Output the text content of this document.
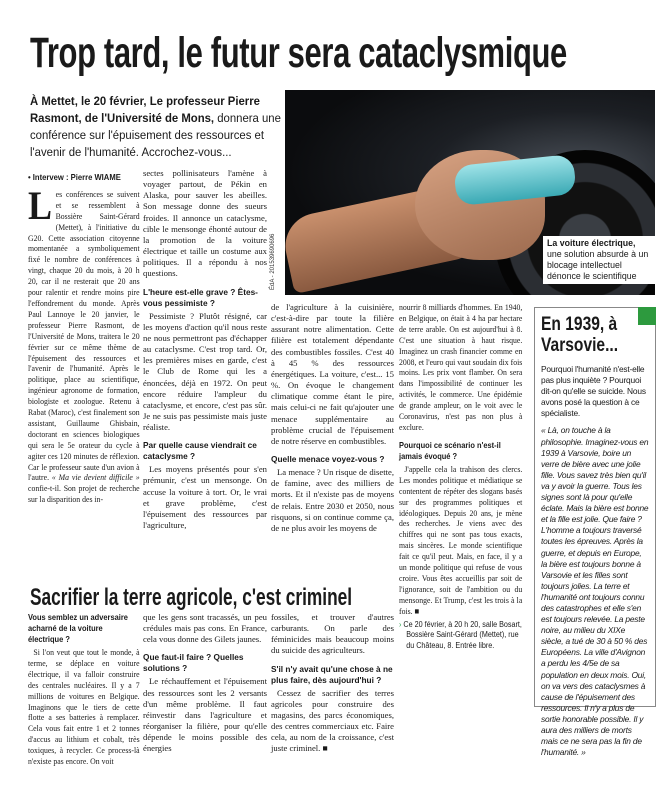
Trop tard, le futur sera cataclysmique
À Mettet, le 20 février, Le professeur Pierre Rasmont, de l'Université de Mons, donnera une conférence sur l'épuisement des ressources et l'avenir de l'humanité. Accrochez-vous...
La voiture électrique,
une solution absurde à un blocage intellectuel dénonce le scientifique
ÉdA - 201539690696
• Intervew : Pierre WIAME

Les conférences se suivent et se ressemblent à Bossière Saint-Gérard (Mettet), à l'initiative du G20. Cette association citoyenne momentanée a symboliquement fixé le nombre de conférences à vingt, chaque 20 du mois, à 20 h 20, car il ne resterait que 20 ans pour ralentir et rendre moins pire l'effondrement du monde. Après Paul Lannoye le 20 janvier, le professeur Pierre Rasmont, de l'Université de Mons, traitera le 20 février sur ce même thème de l'épuisement des ressources et l'avenir de l'humanité. Après le politique, place au scientifique, ingénieur agronome de formation, biologiste et zoologue. Retenu à Rabat (Maroc), c'est finalement son assistant, Guillaume Ghisbain, doctorant en sciences biologiques qui sera le 5e orateur du cycle à agiter ces 120 minutes de réflexion. Car le professeur saute d'un avion à l'autre. « Ma vie devient difficile » confie-t-il. Son projet de recherche sur la disparition des in-

sectes pollinisateurs l'amène à voyager partout, de Pékin en Alaska, pour sauver les abeilles. Son message donne des sueurs froides. Il annonce un cataclysme, cible le mensonge éhonté autour de la promotion de la voiture électrique et taille un costume aux politiques. Il a répondu à nos questions.

L'heure est-elle grave ? Êtes-vous pessimiste ?

Pessimiste ? Plutôt résigné, car les moyens d'action qu'il nous reste ne nous permettront pas d'échapper au cataclysme. C'est trop tard. Or, les premières mises en garde, c'est le Club de Rome qui les a énoncées, déjà en 1972. On peut encore réduire l'ampleur du cataclysme, et encore, c'est pas sûr. Je ne suis pas pessimiste mais juste réaliste.

Par quelle cause viendrait ce cataclysme ?

Les moyens présentés pour s'en prémunir, c'est un mensonge. On accuse la voiture à tort. Or, le vrai et grave problème, c'est l'épuisement des ressources par l'agriculture,

de l'agriculture à la cuisinière, c'est-à-dire par toute la filière assurant notre alimentation. Cette filière est totalement dépendante des combustibles fossiles. C'est 40 à 45 % des ressources énergétiques. La voiture, c'est... 15 %. On évoque le changement climatique comme étant le pire, mais celui-ci ne fait qu'ajouter une menace supplémentaire au problème crucial de l'épuisement de notre réserve en combustibles.

Quelle menace voyez-vous ?

La menace ? Un risque de disette, de famine, avec des milliers de morts. Et il n'existe pas de moyens de relais. Entre 2030 et 2050, nous risquons, si on continue comme ça, de ne plus avoir les moyens de

nourrir 8 milliards d'hommes. En 1940, en Belgique, on était à 4 ha par hectare de terre arable. On est aujourd'hui à 8. C'est une situation à haut risque. Imaginez un crash financier comme en 2008, et l'euro qui vaut soudain dix fois moins. Les prix vont flamber. On sera dans l'impossibilité de continuer les activités, le commerce. Une épidémie de grande ampleur, on le voit avec le Coronavirus, n'est pas non plus à exclure.

Pourquoi ce scénario n'est-il jamais évoqué ?

J'appelle cela la trahison des clercs. Les mondes politique et médiatique se contentent de répéter des slogans basés sur des programmes politiques et idéologiques. Depuis 20 ans, je mène des recherches. Je viens avec des chiffres qui ne sont pas tous exacts, mais sincères. Le monde scientifique fait ce qu'il peut. Mais, en face, il y a un monde politique qui refuse de vous croire. Vous êtes accueillis par soit de l'ignorance, soit de l'ambition ou du mensonge. Et Trump, c'est les trois à la fois. ■

› Ce 20 février, à 20 h 20, salle Bosart, Bossière Saint-Gérard (Mettet), rue du Château, 8. Entrée libre.
Sacrifier la terre agricole, c'est criminel
Vous semblez un adversaire acharné de la voiture électrique ?

Si l'on veut que tout le monde, à terme, se déplace en voiture électrique, il va falloir construire des centrales nucléaires. Il y a 7 millions de voitures en Belgique. Imaginons que le tiers de cette flotte a ses batteries à remplacer. Cela vous fait entre 1 et 2 tonnes d'accus au lithium et cobalt, très toxiques, à recycler. Ce process-là n'existe pas encore. On voit

que les gens sont tracassés, un peu crédules mais pas cons. En France, cela vous donne des Gilets jaunes.

Que faut-il faire ? Quelles solutions ?

Le réchauffement et l'épuisement des ressources sont les 2 versants d'un même problème. Il faut réinvestir dans l'agriculture et réorganiser la filière, pour qu'elle dépende le moins possible des énergies

fossiles, et trouver d'autres carburants. On parle des féminicides mais beaucoup moins du suicide des agriculteurs.

S'il n'y avait qu'une chose à ne plus faire, dès aujourd'hui ?

Cessez de sacrifier des terres agricoles pour construire des magasins, des parcs économiques, des centres commerciaux etc. Faire cela, au nom de la croissance, c'est juste criminel. ■

En 1939, à Varsovie...

Pourquoi l'humanité n'est-elle pas plus inquiète ? Pourquoi dit-on qu'elle se suicide. Nous avons posé la question à ce spécialiste.

« Là, on touche à la philosophie. Imaginez-vous en 1939 à Varsovie, boire un verre de bière avec une jolie fille. Vous savez très bien qu'il va y avoir la guerre. Tous les signes sont là pour qu'elle éclate. Mais la bière est bonne et la fille est jolie. Que faire ? L'homme a toujours traversé toutes les épreuves. Après la guerre, et depuis en Europe, la bière est toujours bonne à Varsovie et les filles sont toujours jolies. La terre et l'humanité ont toujours connu des catastrophes et elle s'en est toujours relevée. La peste noire, au milieu du XIXe siècle, a tué de 30 à 50 % des Européens. La ville d'Avignon a perdu les 4/5e de sa population en deux mois. Oui, on va vers des cataclysmes à cause de l'épuisement des ressources. Il n'y a plus de sortie honorable possible. Il y aura des milliers de morts mais ce ne sera pas la fin de l'humanité. »
